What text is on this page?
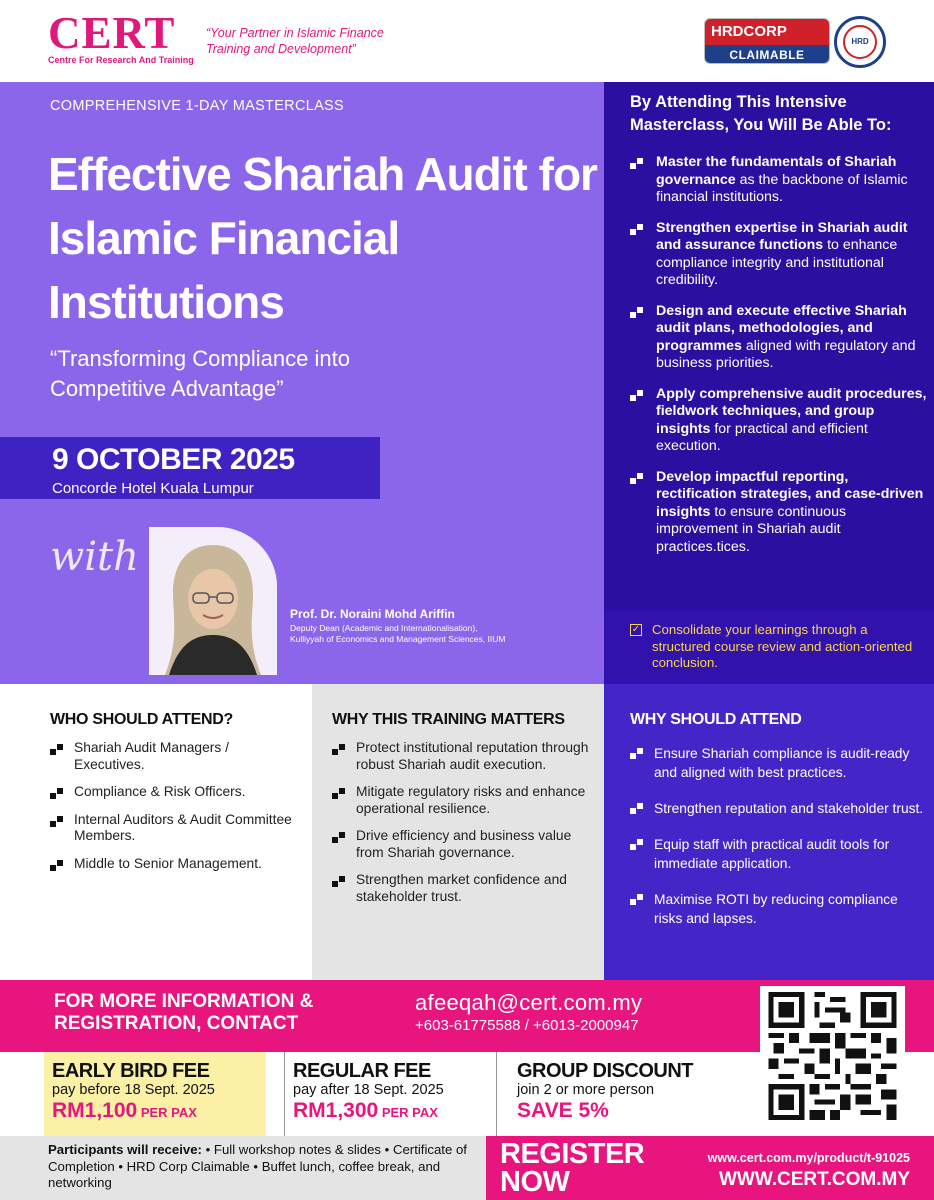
CERT
Centre For Research And Training
“Your Partner in Islamic Finance Training and Development”
HRDCORP
CLAIMABLE
HRD
COMPREHENSIVE 1-DAY MASTERCLASS
Effective Shariah Audit for Islamic Financial Institutions
“Transforming Compliance into Competitive Advantage”
9 OCTOBER 2025
Concorde Hotel Kuala Lumpur
with
Prof. Dr. Noraini Mohd Ariffin
Deputy Dean (Academic and Internationalisation), Kulliyyah of Economics and Management Sciences, IIUM
By Attending This Intensive Masterclass, You Will Be Able To:
Master the fundamentals of Shariah governance as the backbone of Islamic financial institutions.
Strengthen expertise in Shariah audit and assurance functions to enhance compliance integrity and institutional credibility.
Design and execute effective Shariah audit plans, methodologies, and programmes aligned with regulatory and business priorities.
Apply comprehensive audit procedures, fieldwork techniques, and group insights for practical and efficient execution.
Develop impactful reporting, rectification strategies, and case-driven insights to ensure continuous improvement in Shariah audit practices.tices.
✓ Consolidate your learnings through a structured course review and action-oriented conclusion.
WHO SHOULD ATTEND?
Shariah Audit Managers / Executives.
Compliance & Risk Officers.
Internal Auditors & Audit Committee Members.
Middle to Senior Management.
WHY THIS TRAINING MATTERS
Protect institutional reputation through robust Shariah audit execution.
Mitigate regulatory risks and enhance operational resilience.
Drive efficiency and business value from Shariah governance.
Strengthen market confidence and stakeholder trust.
WHY SHOULD ATTEND
Ensure Shariah compliance is audit-ready and aligned with best practices.
Strengthen reputation and stakeholder trust.
Equip staff with practical audit tools for immediate application.
Maximise ROTI by reducing compliance risks and lapses.
FOR MORE INFORMATION & REGISTRATION, CONTACT
afeeqah@cert.com.my
+603-61775588 / +6013-2000947
EARLY BIRD FEE
pay before 18 Sept. 2025
RM1,100 PER PAX
REGULAR FEE
pay after 18 Sept. 2025
RM1,300 PER PAX
GROUP DISCOUNT
join 2 or more person
SAVE 5%
Participants will receive: • Full workshop notes & slides • Certificate of Completion • HRD Corp Claimable • Buffet lunch, coffee break, and networking
REGISTER NOW
www.cert.com.my/product/t-91025
WWW.CERT.COM.MY
